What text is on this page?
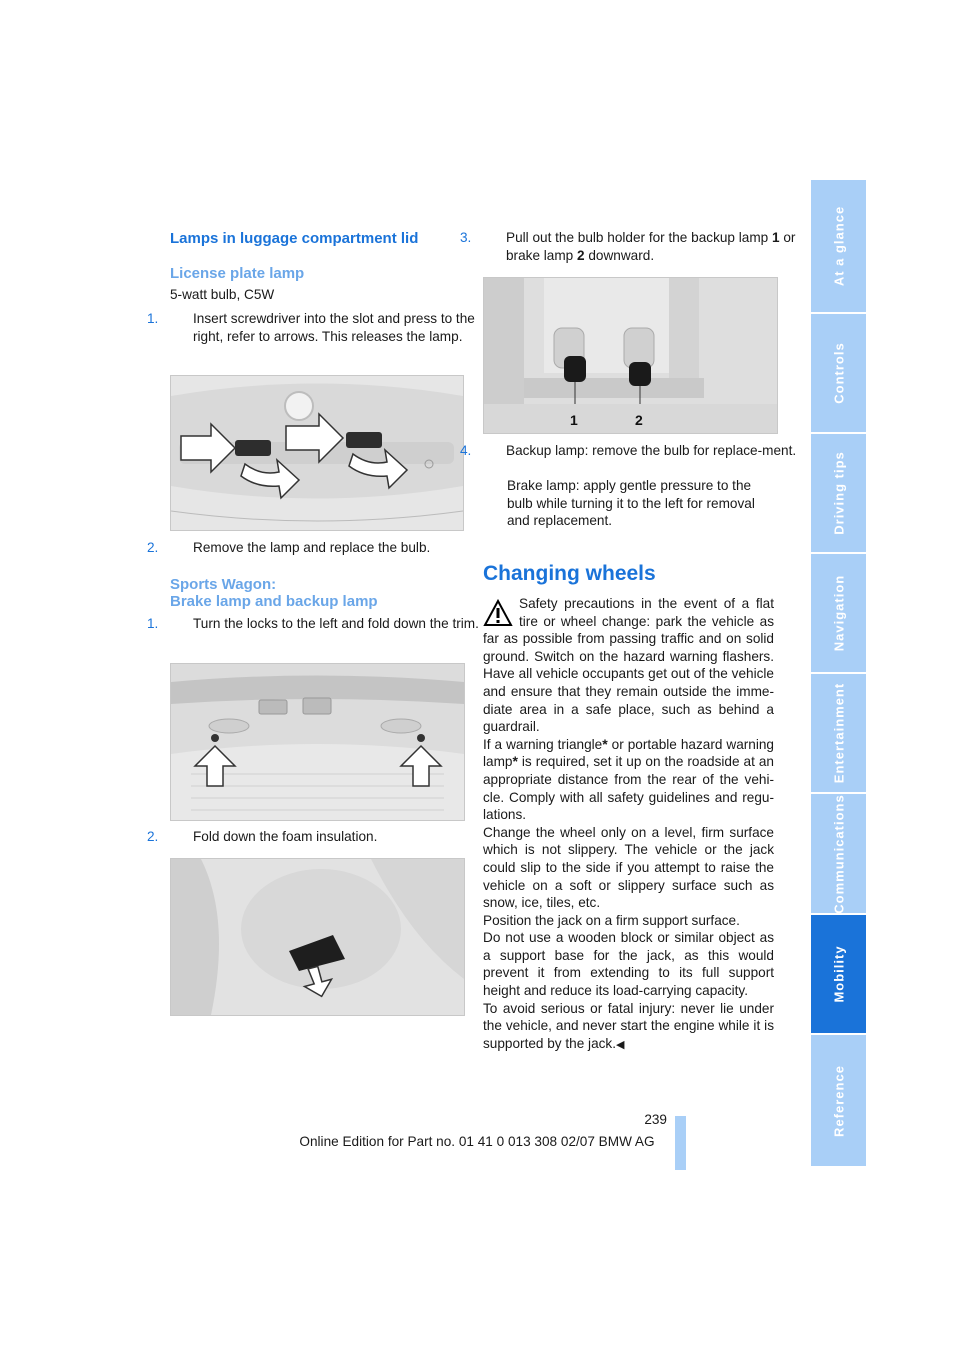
Lamps in luggage compartment lid
License plate lamp
5-watt bulb, C5W
1.	Insert screwdriver into the slot and press to the right, refer to arrows. This releases the lamp.
2.	Remove the lamp and replace the bulb.
Sports Wagon:
Brake lamp and backup lamp
1.	Turn the locks to the left and fold down the trim.
2.	Fold down the foam insulation.
3.	Pull out the bulb holder for the backup lamp 1 or brake lamp 2 downward.
1	2
4.	Backup lamp: remove the bulb for replace-ment.
Brake lamp: apply gentle pressure to the bulb while turning it to the left for removal and replacement.
Changing wheels

Safety precautions in the event of a flat tire or wheel change: park the vehicle as far as possible from passing traffic and on solid ground. Switch on the hazard warning flashers. Have all vehicle occupants get out of the vehicle and ensure that they remain outside the imme-diate area in a safe place, such as behind a guardrail.

If a warning triangle* or portable hazard warning lamp* is required, set it up on the roadside at an appropriate distance from the rear of the vehi-cle. Comply with all safety guidelines and regu-lations.

Change the wheel only on a level, firm surface which is not slippery. The vehicle or the jack could slip to the side if you attempt to raise the vehicle on a soft or slippery surface such as snow, ice, tiles, etc.

Position the jack on a firm support surface.

Do not use a wooden block or similar object as a support base for the jack, as this would prevent it from extending to its full support height and reduce its load-carrying capacity.

To avoid serious or fatal injury: never lie under the vehicle, and never start the engine while it is supported by the jack.◀

At a glance
Controls
Driving tips
Navigation
Entertainment
Communications
Mobility
Reference
239
Online Edition for Part no. 01 41 0 013 308 02/07 BMW AG
